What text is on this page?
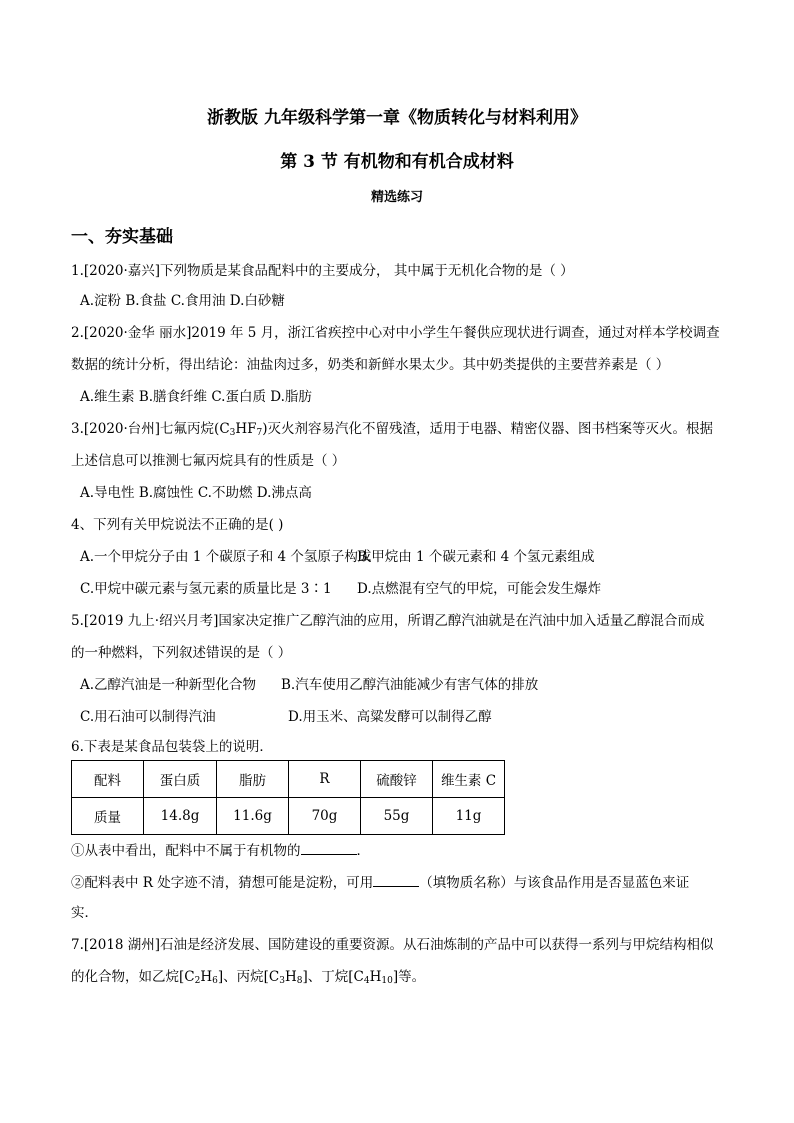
浙教版 九年级科学第一章《物质转化与材料利用》
第 3 节 有机物和有机合成材料
精选练习
一、夯实基础
1.[2020·嘉兴]下列物质是某食品配料中的主要成分， 其中属于无机化合物的是（ ）
A.淀粉 B.食盐 C.食用油 D.白砂糖
2.[2020·金华 丽水]2019 年 5 月，浙江省疾控中心对中小学生午餐供应现状进行调查，通过对样本学校调查
数据的统计分析，得出结论：油盐肉过多，奶类和新鲜水果太少。其中奶类提供的主要营养素是（ ）
A.维生素 B.膳食纤维 C.蛋白质 D.脂肪
3.[2020·台州]七氟丙烷$(C_3HF_7)$灭火剂容易汽化不留残渣，适用于电器、精密仪器、图书档案等灭火。根据
上述信息可以推测七氟丙烷具有的性质是（ ）
A.导电性 B.腐蚀性 C.不助燃 D.沸点高
4、下列有关甲烷说法不正确的是( )
A.一个甲烷分子由 1 个碳原子和 4 个氢原子构成
B.甲烷由 1 个碳元素和 4 个氢元素组成
C.甲烷中碳元素与氢元素的质量比是 3∶1 D.点燃混有空气的甲烷，可能会发生爆炸
5.[2019 九上·绍兴月考]国家决定推广乙醇汽油的应用，所谓乙醇汽油就是在汽油中加入适量乙醇混合而成
的一种燃料，下列叙述错误的是（ ）
A.乙醇汽油是一种新型化合物 B.汽车使用乙醇汽油能减少有害气体的排放
C.用石油可以制得汽油	D.用玉米、高粱发酵可以制得乙醇
6.下表是某食品包装袋上的说明．
配料	蛋白质	脂肪	R	硫酸锌	维生素 C
质量	14.8g	11.6g	70g	55g	11g
①从表中看出，配料中不属于有机物的	．
②配料表中 R 处字迹不清，猜想可能是淀粉，可用	（填物质名称）与该食品作用是否显蓝色来证
实．
7.[2018 湖州]石油是经济发展、国防建设的重要资源。从石油炼制的产品中可以获得一系列与甲烷结构相似
的化合物，如乙烷$[C_2H_6]$、丙烷$[C_3H_8]$、丁烷$[C_4H_{10}]$等。
